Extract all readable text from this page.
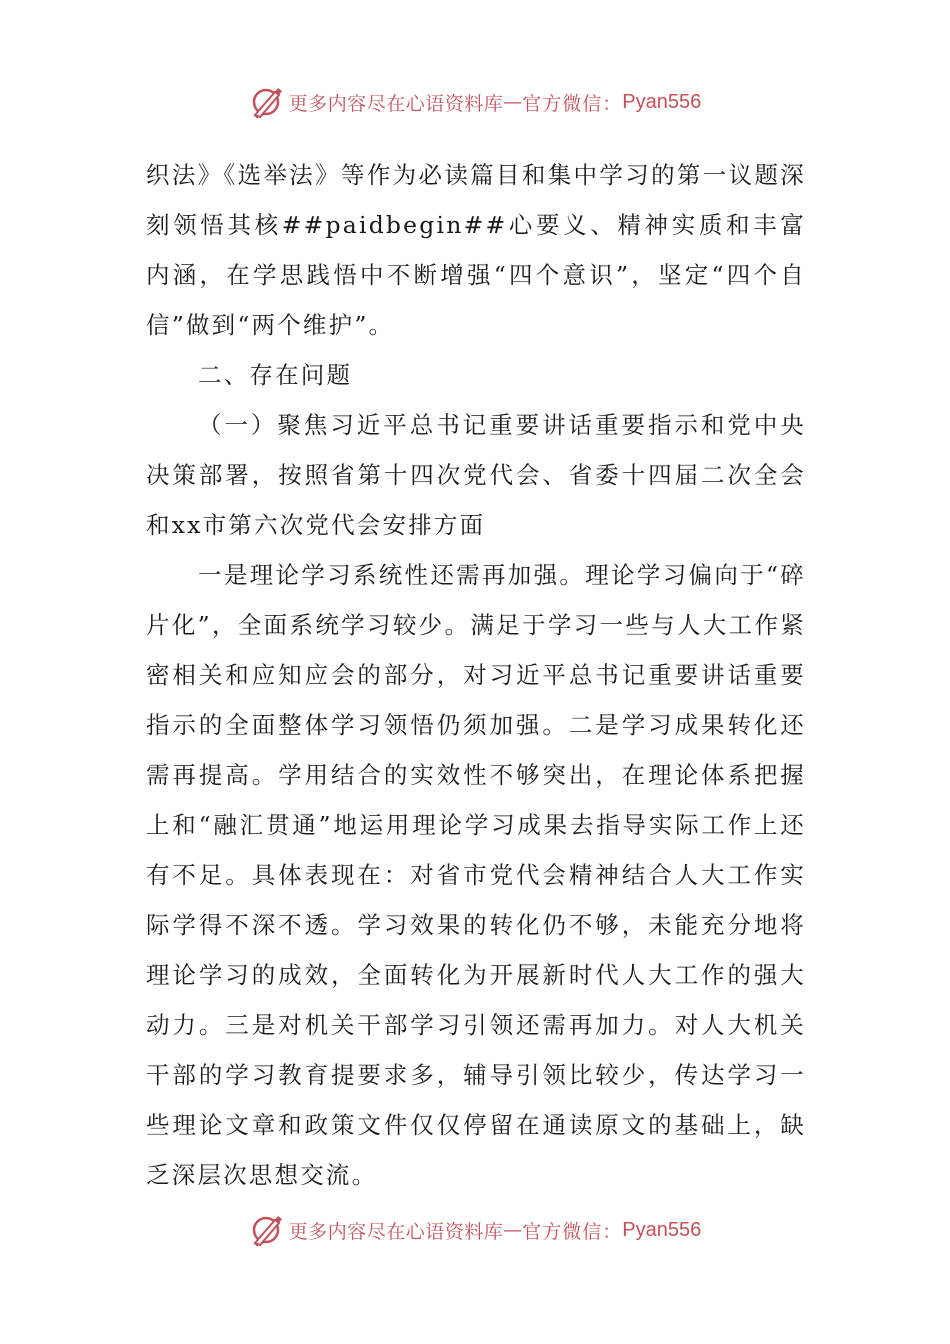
更多内容尽在心语资料库 — 官方微信： Pyan556

织法》《选举法》等作为必读篇目和集中学习的第一议题深刻领悟其核##paidbegin##心要义、精神实质和丰富内涵，在学思践悟中不断增强“四个意识”，坚定“四个自信”做到“两个维护”。

二、存在问题

（一）聚焦习近平总书记重要讲话重要指示和党中央决策部署，按照省第十四次党代会、省委十四届二次全会和xx市第六次党代会安排方面

一是理论学习系统性还需再加强。理论学习偏向于“碎片化”，全面系统学习较少。满足于学习一些与人大工作紧密相关和应知应会的部分，对习近平总书记重要讲话重要指示的全面整体学习领悟仍须加强。二是学习成果转化还需再提高。学用结合的实效性不够突出，在理论体系把握上和“融汇贯通”地运用理论学习成果去指导实际工作上还有不足。具体表现在：对省市党代会精神结合人大工作实际学得不深不透。学习效果的转化仍不够，未能充分地将理论学习的成效，全面转化为开展新时代人大工作的强大动力。三是对机关干部学习引领还需再加力。对人大机关干部的学习教育提要求多，辅导引领比较少，传达学习一些理论文章和政策文件仅仅停留在通读原文的基础上，缺乏深层次思想交流。

更多内容尽在心语资料库 — 官方微信： Pyan556
